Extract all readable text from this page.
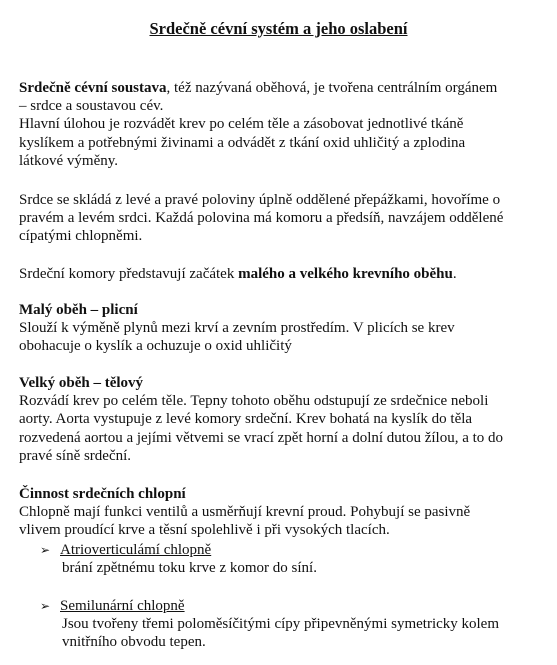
Srdečně cévní systém a jeho oslabení
Srdečně cévní soustava, též nazývaná oběhová, je tvořena centrálním orgánem
– srdce a soustavou cév.
Hlavní úlohou je rozvádět krev po celém těle a zásobovat jednotlivé tkáně
kyslíkem a potřebnými živinami a odvádět z tkání oxid uhličitý a zplodina
látkové výměny.
Srdce se skládá z levé a pravé poloviny úplně oddělené přepážkami, hovoříme o
pravém a levém srdci. Každá polovina má komoru a předsíň, navzájem oddělené
cípatými chlopněmi.
Srdeční komory představují začátek malého a velkého krevního oběhu.
Malý oběh – plicní
Slouží k výměně plynů mezi krví a zevním prostředím. V plicích se krev
obohacuje o kyslík a ochuzuje o oxid uhličitý
Velký oběh – tělový
Rozvádí krev po celém těle. Tepny tohoto oběhu odstupují ze srdečnice neboli
aorty. Aorta vystupuje z levé komory srdeční. Krev bohatá na kyslík do těla
rozvedená aortou a jejími větvemi se vrací zpět horní a dolní dutou žílou, a to do
pravé síně srdeční.
Činnost srdečních chlopní
Chlopně mají funkci ventilů a usměrňují krevní proud. Pohybují se pasivně
vlivem proudící krve a těsní spolehlivě i při vysokých tlacích.
➢ Atrioverticulámí chlopně
brání zpětnému toku krve z komor do síní.
➢ Semilunární chlopně
Jsou tvořeny třemi poloměsíčitými cípy připevněnými symetricky kolem
vnitřního obvodu tepen.
